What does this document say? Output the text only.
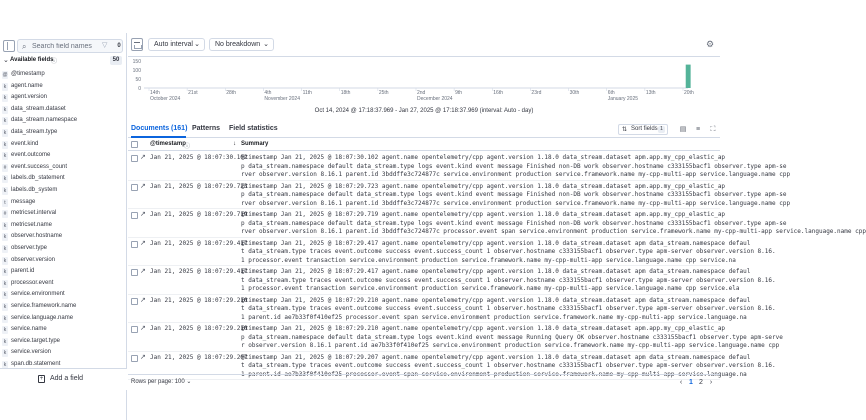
⌕
Search field names	▽	0
⌄ Available fields
ⓘ	50
@ @timestamp
k agent.name
k agent.version
k data_stream.dataset
k data_stream.namespace
k data_stream.type
k event.kind
k event.outcome
# event.success_count
k labels.db_statement
k labels.db_system
t message
# metricset.interval
k metricset.name
k observer.hostname
k observer.type
k observer.version
k parent.id
k processor.event
k service.environment
k service.framework.name
k service.language.name
k service.name
k service.target.type
k service.version
k span.db.statement
+ Add a field
Auto interval ⌄ No breakdown ⌄	⚙
150
100
50
0
14th
October 2024
21st	28th	4th
November 2024
11th	18th	25th	2nd
December 2024
9th	16th	23rd	30th	6th
January 2025
13th	20th
Oct 14, 2024 @ 17:18:37.969 - Jan 27, 2025 @ 17:18:37.969 (interval: Auto - day)
Documents (161) Patterns Field statistics	⇅ Sort fields 1	▤	≡	⛶
@timestamp
ⓘ	↓ Summary
↗ Jan 21, 2025 @ 18:07:30.102
@timestamp Jan 21, 2025 @ 18:07:30.102 agent.name opentelemetry/cpp agent.version 1.18.0 data_stream.dataset apm.app.my_cpp_elastic_ap
p data_stream.namespace default data_stream.type logs event.kind event message Finished non-DB work observer.hostname c333155bacf1 observer.type apm-se
rver observer.version 8.16.1 parent.id 3bddffe3c724877c service.environment production service.framework.name my-cpp-multi-app service.language.name cpp
↗ Jan 21, 2025 @ 18:07:29.723
@timestamp Jan 21, 2025 @ 18:07:29.723 agent.name opentelemetry/cpp agent.version 1.18.0 data_stream.dataset apm.app.my_cpp_elastic_ap
p data_stream.namespace default data_stream.type logs event.kind event message Finished non-DB work observer.hostname c333155bacf1 observer.type apm-se
rver observer.version 8.16.1 parent.id 3bddffe3c724877c service.environment production service.framework.name my-cpp-multi-app service.language.name cpp
↗ Jan 21, 2025 @ 18:07:29.719
@timestamp Jan 21, 2025 @ 18:07:29.719 agent.name opentelemetry/cpp agent.version 1.18.0 data_stream.dataset apm.app.my_cpp_elastic_ap
p data_stream.namespace default data_stream.type logs event.kind event message Finished non-DB work observer.hostname c333155bacf1 observer.type apm-se
rver observer.version 8.16.1 parent.id 3bddffe3c724877c processor.event span service.environment production service.framework.name my-cpp-multi-app service.language.name cpp
↗ Jan 21, 2025 @ 18:07:29.417
@timestamp Jan 21, 2025 @ 18:07:29.417 agent.name opentelemetry/cpp agent.version 1.18.0 data_stream.dataset apm data_stream.namespace defaul
t data_stream.type traces event.outcome success event.success_count 1 observer.hostname c333155bacf1 observer.type apm-server observer.version 8.16.
1 processor.event transaction service.environment production service.framework.name my-cpp-multi-app service.language.name cpp service.na
↗ Jan 21, 2025 @ 18:07:29.417
@timestamp Jan 21, 2025 @ 18:07:29.417 agent.name opentelemetry/cpp agent.version 1.18.0 data_stream.dataset apm data_stream.namespace defaul
t data_stream.type traces event.outcome success event.success_count 1 observer.hostname c333155bacf1 observer.type apm-server observer.version 8.16.
1 processor.event transaction service.environment production service.framework.name my-cpp-multi-app service.language.name cpp service.ela
↗ Jan 21, 2025 @ 18:07:29.210
@timestamp Jan 21, 2025 @ 18:07:29.210 agent.name opentelemetry/cpp agent.version 1.18.0 data_stream.dataset apm data_stream.namespace defaul
t data_stream.type traces event.outcome success event.success_count 1 observer.hostname c333155bacf1 observer.type apm-server observer.version 8.16.
1 parent.id ae7b33f0f410ef25 processor.event span service.environment production service.framework.name my-cpp-multi-app service.language.na
↗ Jan 21, 2025 @ 18:07:29.210
@timestamp Jan 21, 2025 @ 18:07:29.210 agent.name opentelemetry/cpp agent.version 1.18.0 data_stream.dataset apm.app.my_cpp_elastic_ap
p data_stream.namespace default data_stream.type logs event.kind event message Running Query OK observer.hostname c333155bacf1 observer.type apm-serve
r observer.version 8.16.1 parent.id ae7b33f0f410ef25 service.environment production service.framework.name my-cpp-multi-app service.language.name cpp
↗ Jan 21, 2025 @ 18:07:29.207
@timestamp Jan 21, 2025 @ 18:07:29.207 agent.name opentelemetry/cpp agent.version 1.18.0 data_stream.dataset apm data_stream.namespace defaul
t data_stream.type traces event.outcome success event.success_count 1 observer.hostname c333155bacf1 observer.type apm-server observer.version 8.16.
1 parent.id ae7b33f0f410ef25 processor.event span service.environment production service.framework.name my-cpp-multi-app service.language.na
Rows per page: 100 ⌄	‹ 1 2 ›
